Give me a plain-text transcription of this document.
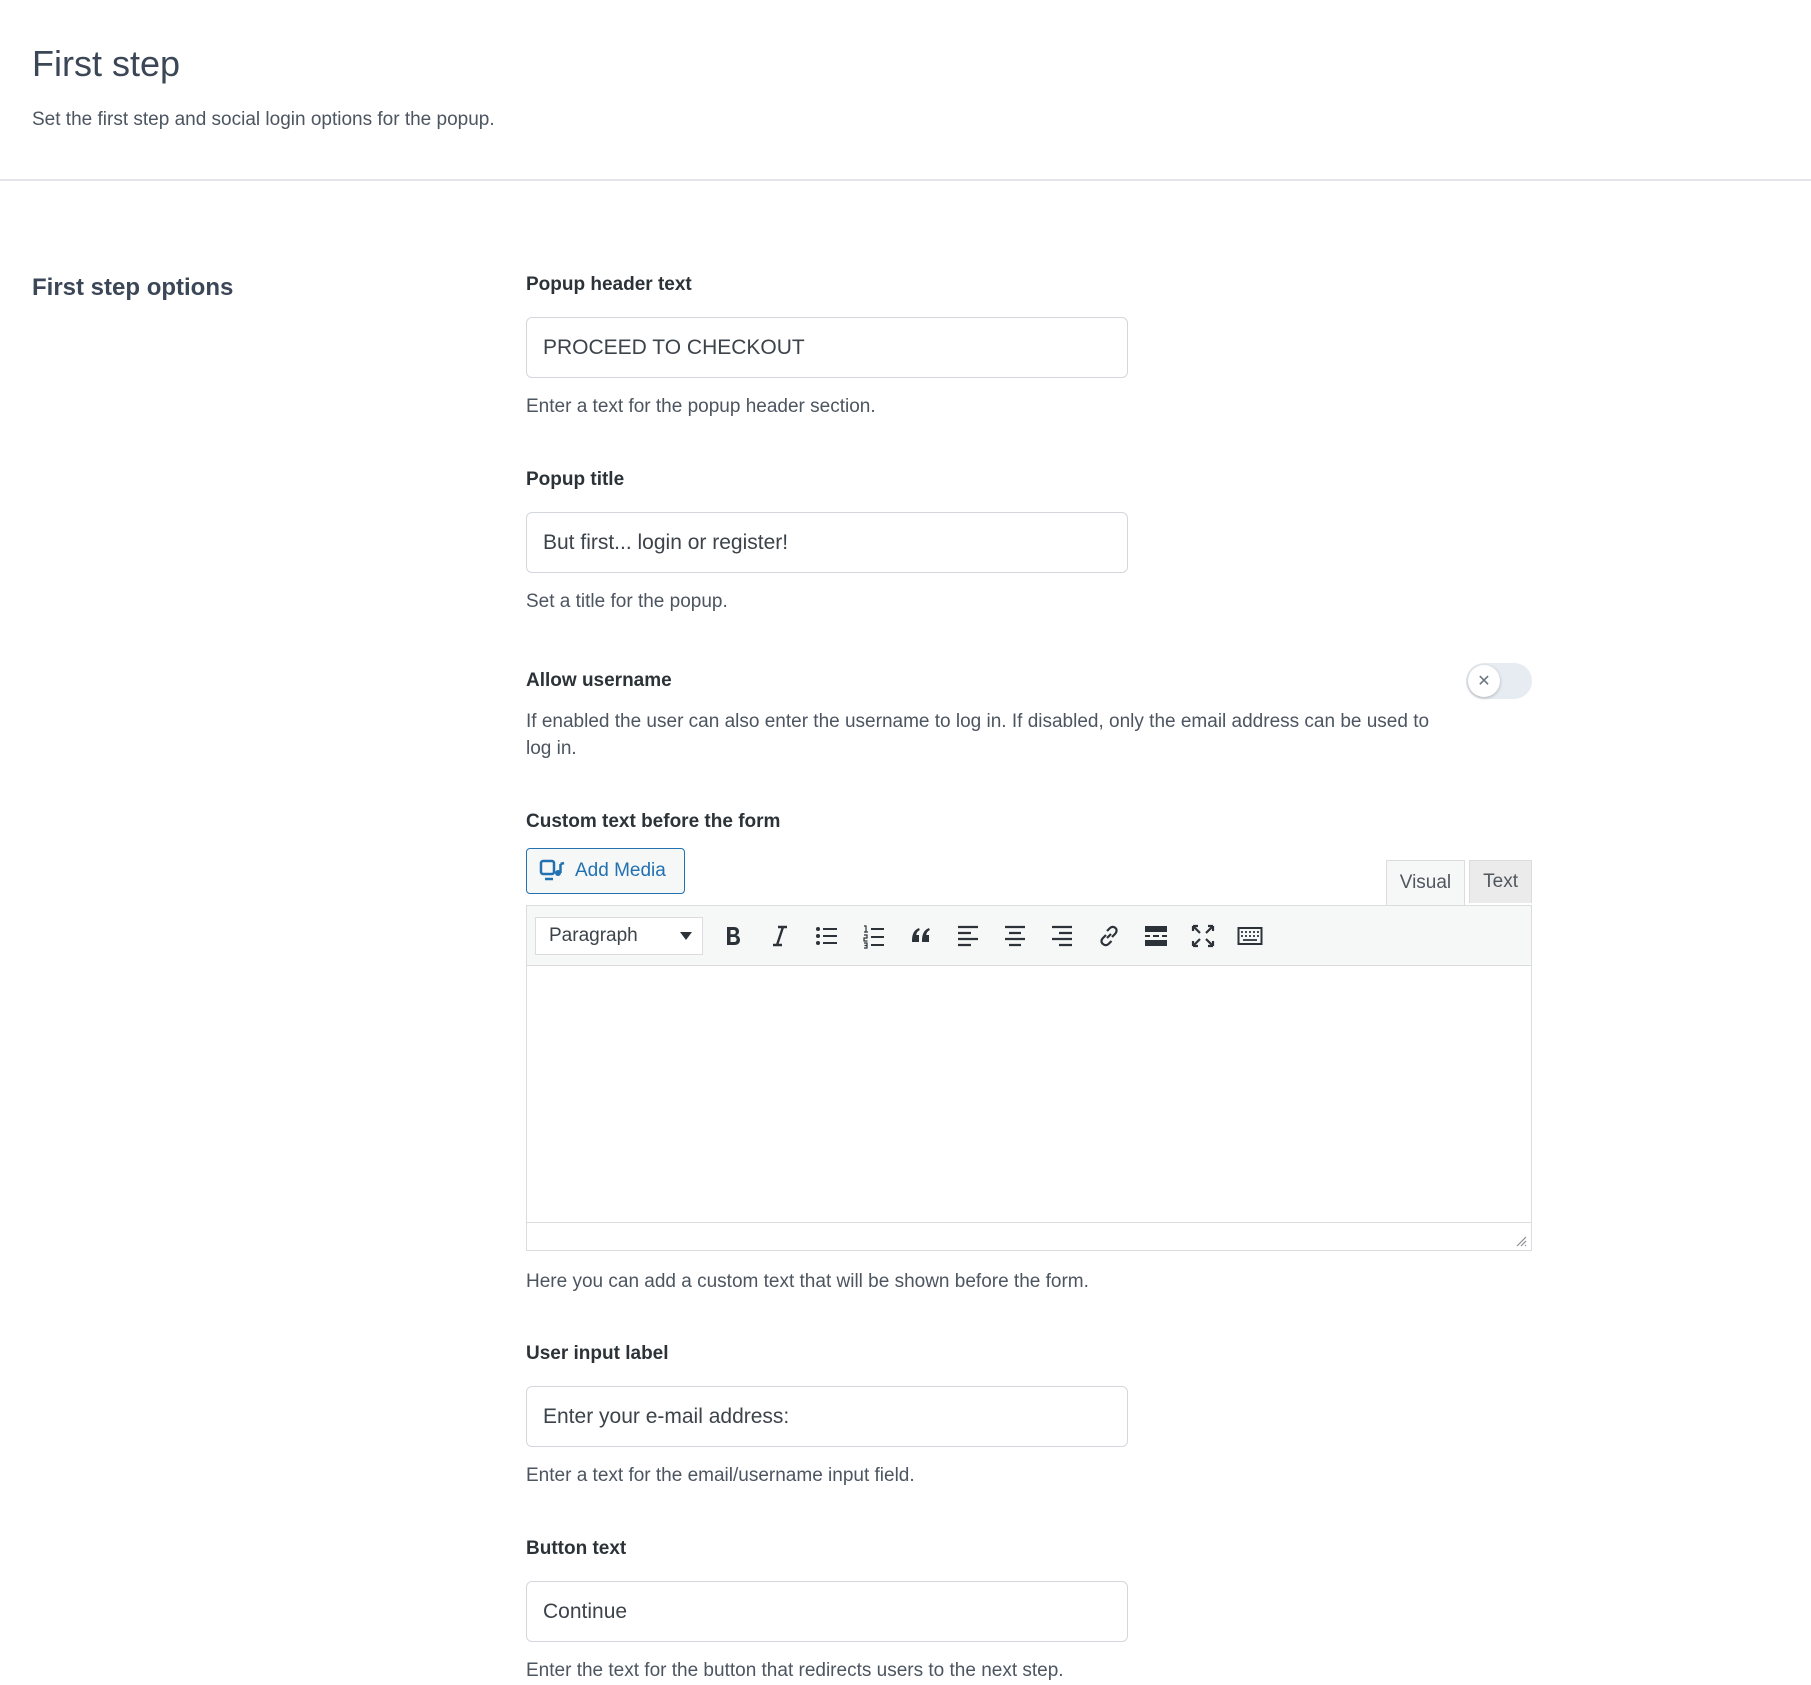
First step
Set the first step and social login options for the popup.
First step options	Popup header text
PROCEED TO CHECKOUT
Enter a text for the popup header section.
Popup title
But first... login or register!
Set a title for the popup.
Allow username	✕
If enabled the user can also enter the username to log in. If disabled, only the email address can be used to log in.
Custom text before the form
Add Media
Visual	Text
Paragraph
Here you can add a custom text that will be shown before the form.
User input label
Enter your e-mail address:
Enter a text for the email/username input field.
Button text
Continue
Enter the text for the button that redirects users to the next step.
